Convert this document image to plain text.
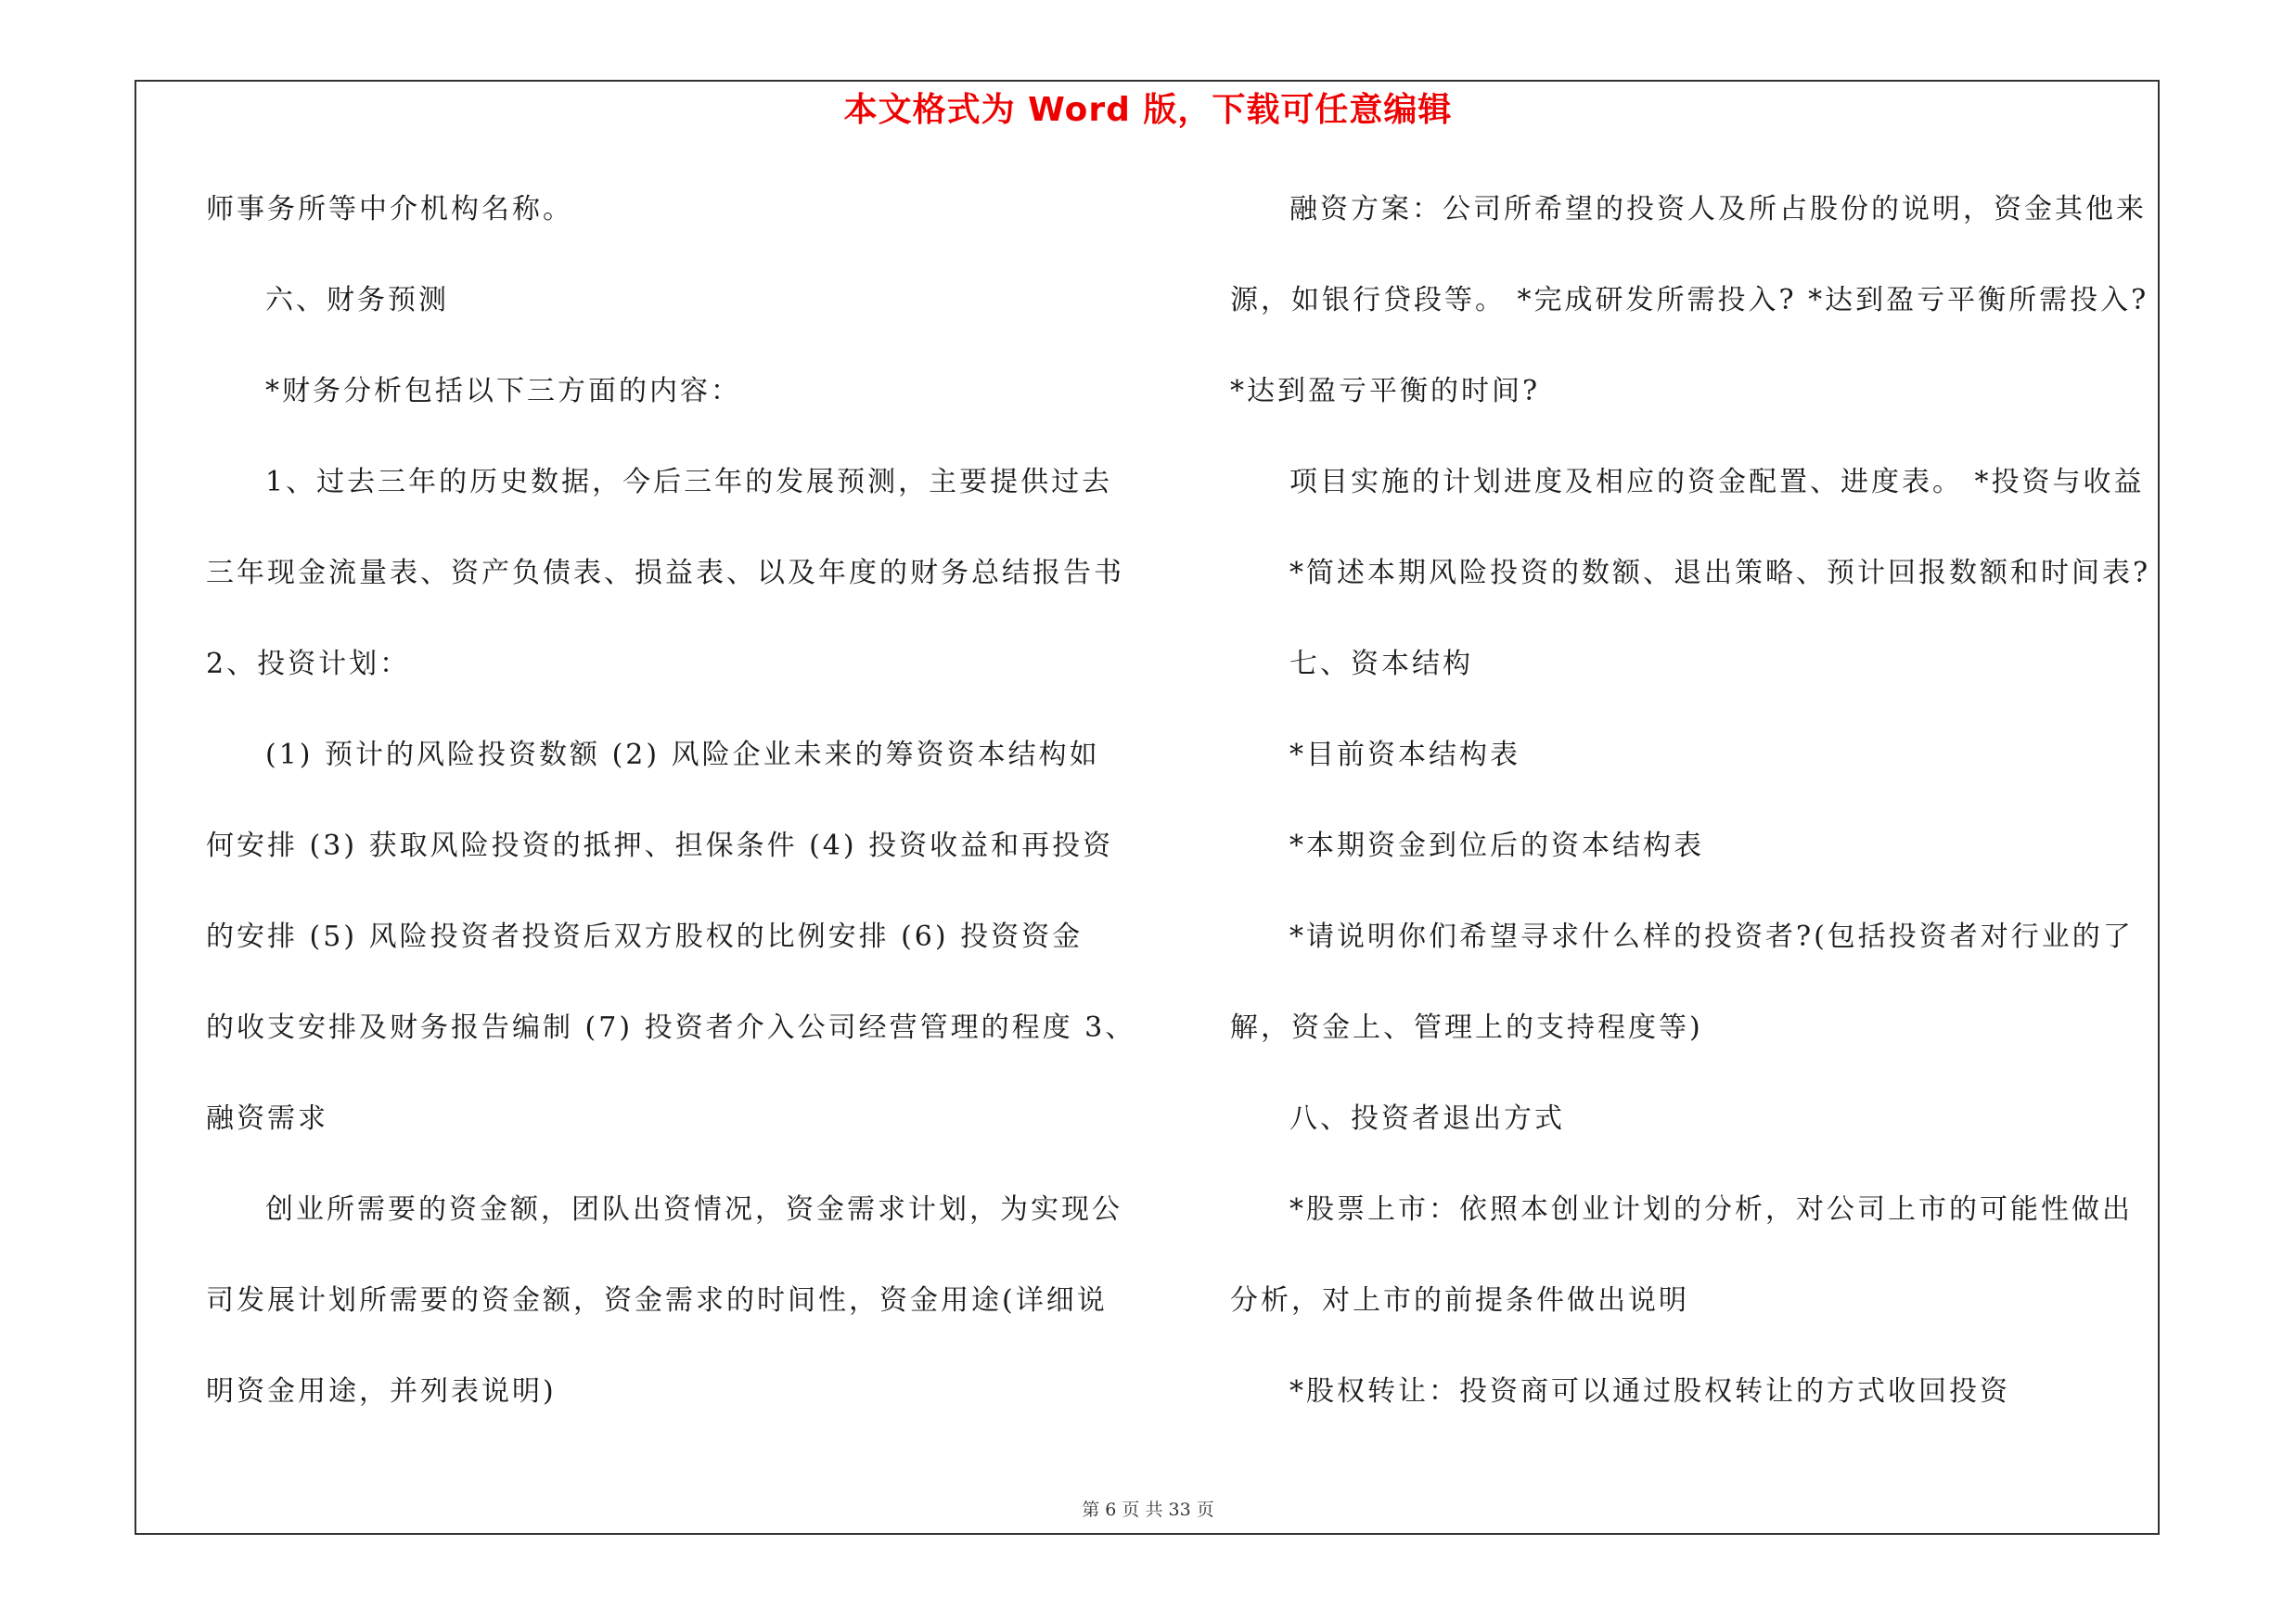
本文格式为 Word 版，下载可任意编辑
师事务所等中介机构名称。
六、财务预测
*财务分析包括以下三方面的内容：
1、过去三年的历史数据，今后三年的发展预测，主要提供过去
三年现金流量表、资产负债表、损益表、以及年度的财务总结报告书
2、投资计划：
(1) 预计的风险投资数额 (2) 风险企业未来的筹资资本结构如
何安排 (3) 获取风险投资的抵押、担保条件 (4) 投资收益和再投资
的安排 (5) 风险投资者投资后双方股权的比例安排 (6) 投资资金
的收支安排及财务报告编制 (7) 投资者介入公司经营管理的程度 3、
融资需求
创业所需要的资金额，团队出资情况，资金需求计划，为实现公
司发展计划所需要的资金额，资金需求的时间性，资金用途(详细说
明资金用途，并列表说明)
融资方案：公司所希望的投资人及所占股份的说明，资金其他来
源，如银行贷段等。 *完成研发所需投入? *达到盈亏平衡所需投入?
*达到盈亏平衡的时间?
项目实施的计划进度及相应的资金配置、进度表。 *投资与收益
*简述本期风险投资的数额、退出策略、预计回报数额和时间表?
七、资本结构
*目前资本结构表
*本期资金到位后的资本结构表
*请说明你们希望寻求什么样的投资者?(包括投资者对行业的了
解，资金上、管理上的支持程度等)
八、投资者退出方式
*股票上市：依照本创业计划的分析，对公司上市的可能性做出
分析，对上市的前提条件做出说明
*股权转让：投资商可以通过股权转让的方式收回投资
第 6 页 共 33 页
